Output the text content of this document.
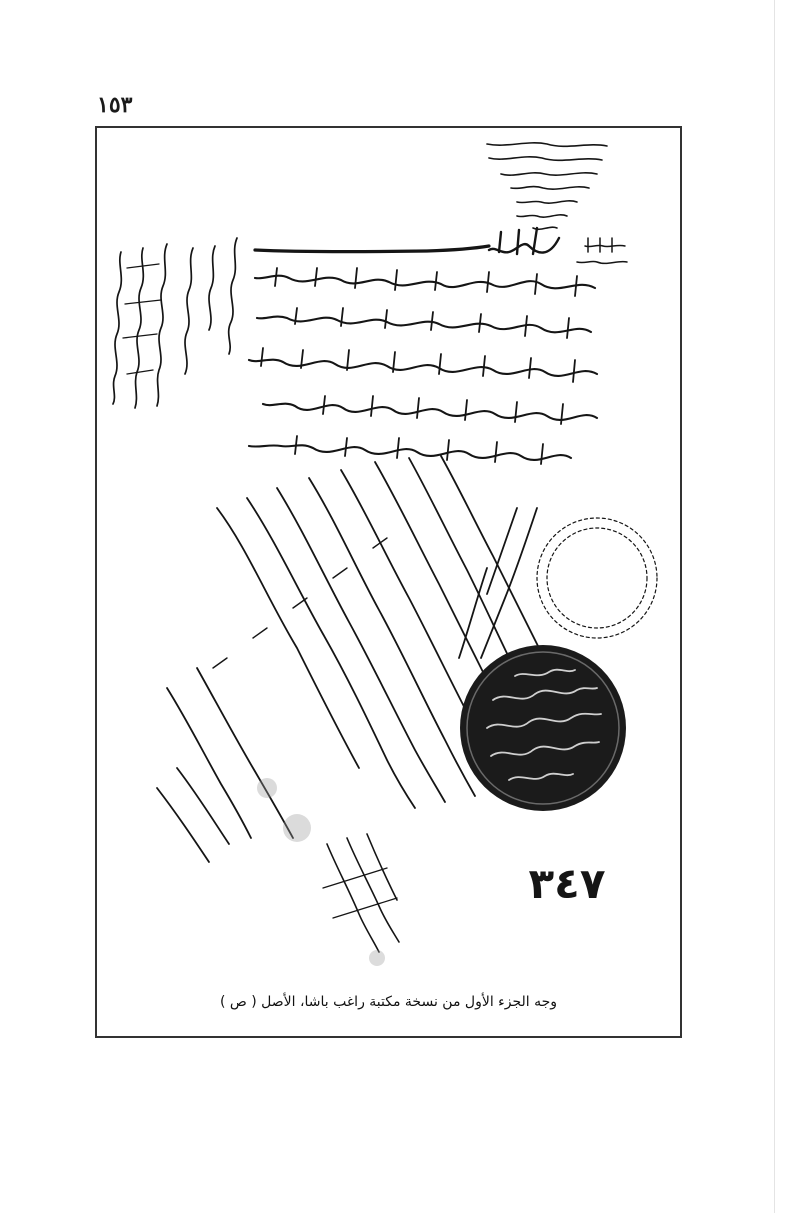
١٥٣
٣٤٧
وجه الجزء الأول من نسخة مكتبة راغب باشا، الأصل ( ص )
